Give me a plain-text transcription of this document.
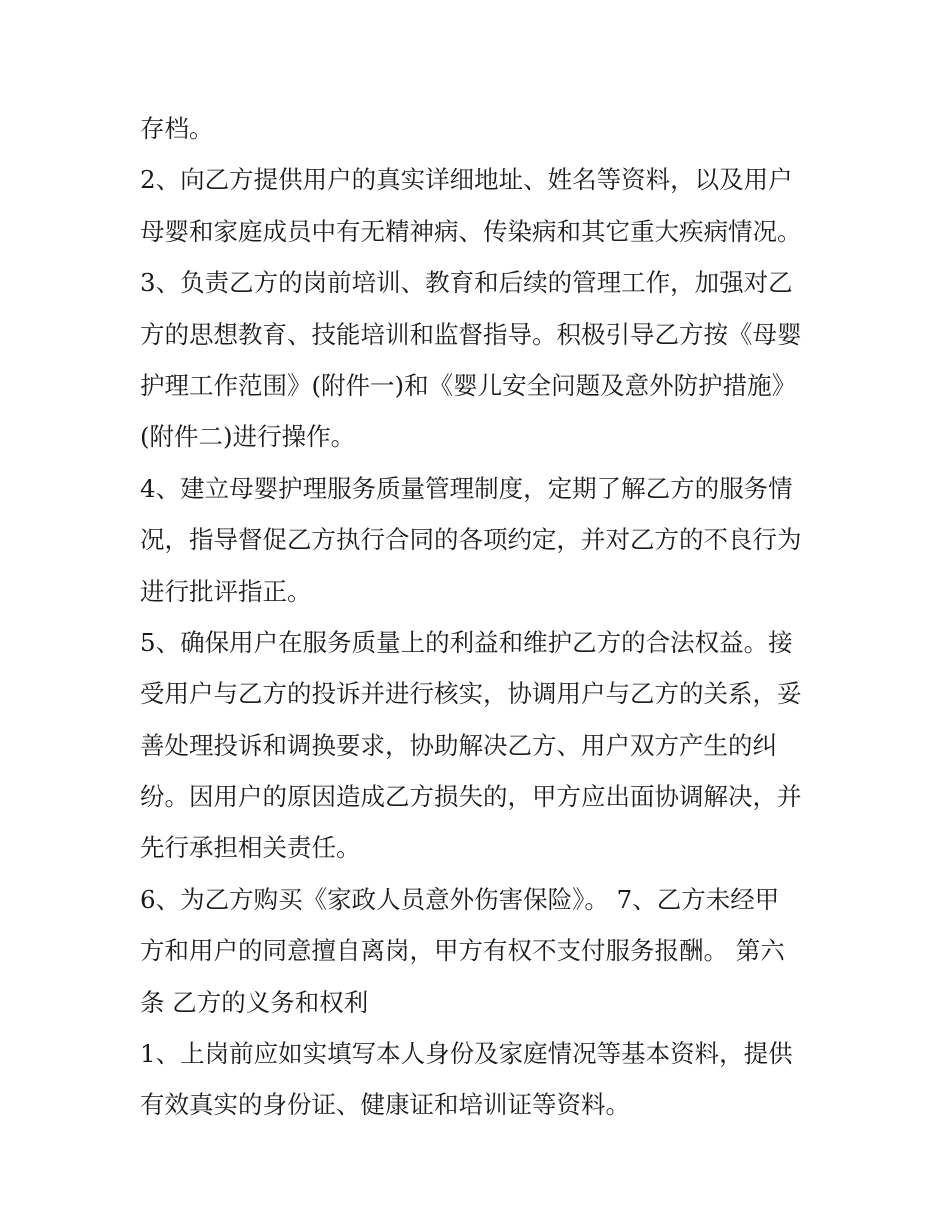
存档。
2、向乙方提供用户的真实详细地址、姓名等资料，以及用户
母婴和家庭成员中有无精神病、传染病和其它重大疾病情况。
3、负责乙方的岗前培训、教育和后续的管理工作，加强对乙
方的思想教育、技能培训和监督指导。积极引导乙方按《母婴
护理工作范围》(附件一)和《婴儿安全问题及意外防护措施》
(附件二)进行操作。
4、建立母婴护理服务质量管理制度，定期了解乙方的服务情
况，指导督促乙方执行合同的各项约定，并对乙方的不良行为
进行批评指正。
5、确保用户在服务质量上的利益和维护乙方的合法权益。接
受用户与乙方的投诉并进行核实，协调用户与乙方的关系，妥
善处理投诉和调换要求，协助解决乙方、用户双方产生的纠
纷。因用户的原因造成乙方损失的，甲方应出面协调解决，并
先行承担相关责任。
6、为乙方购买《家政人员意外伤害保险》。 7、乙方未经甲
方和用户的同意擅自离岗，甲方有权不支付服务报酬。 第六
条 乙方的义务和权利
1、上岗前应如实填写本人身份及家庭情况等基本资料，提供
有效真实的身份证、健康证和培训证等资料。
